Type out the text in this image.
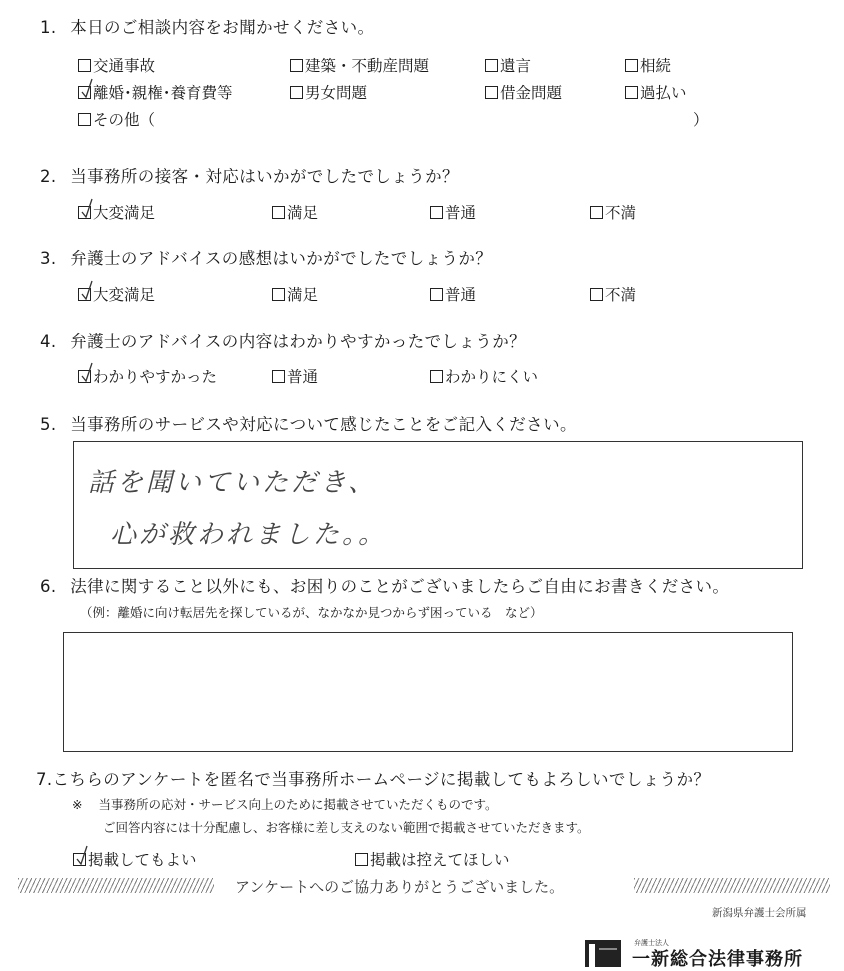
1. 本日のご相談内容をお聞かせください。
交通事故	建築・不動産問題	遺言	相続
離婚･親権･養育費等	男女問題	借金問題	過払い
その他（	）
2. 当事務所の接客・対応はいかがでしたでしょうか？
大変満足	満足	普通	不満
3. 弁護士のアドバイスの感想はいかがでしたでしょうか？
大変満足	満足	普通	不満
4. 弁護士のアドバイスの内容はわかりやすかったでしょうか？
わかりやすかった	普通	わかりにくい
5. 当事務所のサービスや対応について感じたことをご記入ください。
話を聞いていただき、
心が救われました。。
6. 法律に関すること以外にも、お困りのことがございましたらご自由にお書きください。
（例：離婚に向け転居先を探しているが、なかなか見つからず困っている　など）
7.こちらのアンケートを匿名で当事務所ホームページに掲載してもよろしいでしょうか？
※ 当事務所の応対・サービス向上のために掲載させていただくものです。
ご回答内容には十分配慮し、お客様に差し支えのない範囲で掲載させていただきます。
掲載してもよい	掲載は控えてほしい
アンケートへのご協力ありがとうございました。
新潟県弁護士会所属
弁護士法人
一新総合法律事務所
